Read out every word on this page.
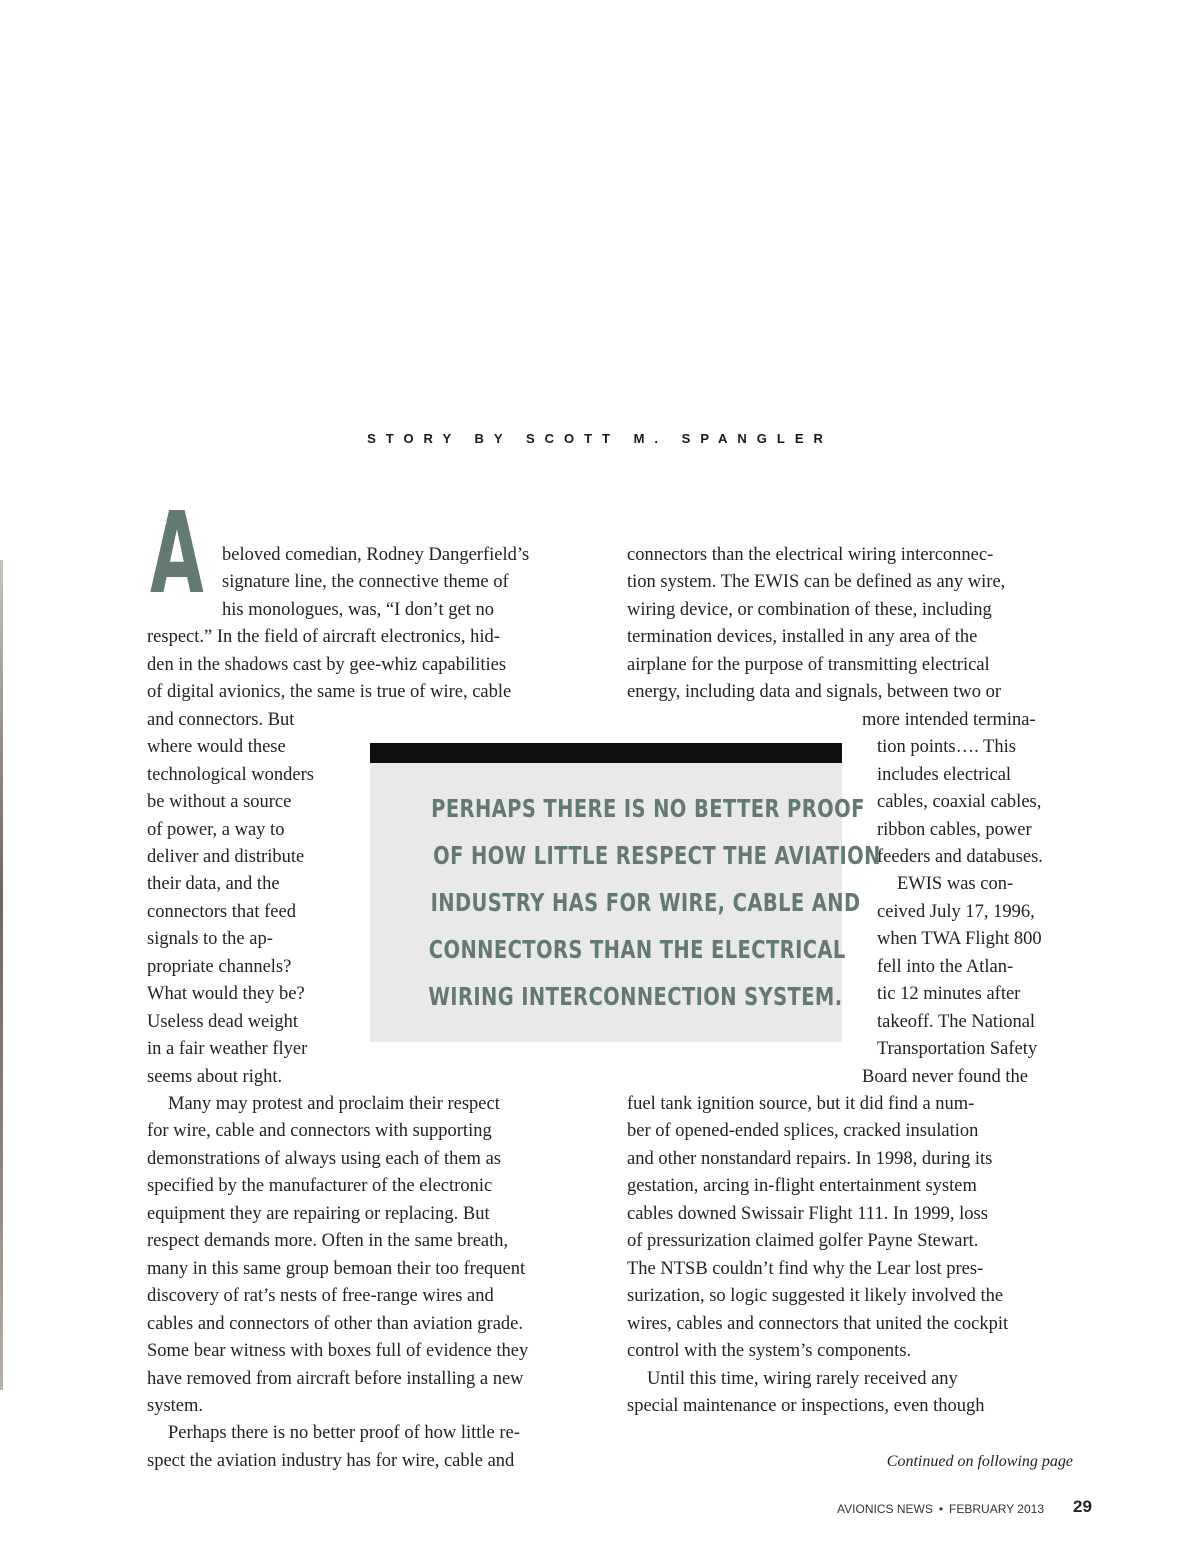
STORY BY SCOTT M. SPANGLER
A beloved comedian, Rodney Dangerfield’s
signature line, the connective theme of
his monologues, was, “I don’t get no
respect.” In the field of aircraft electronics, hid-
den in the shadows cast by gee-whiz capabilities
of digital avionics, the same is true of wire, cable
and connectors. But
where would these
technological wonders
be without a source
of power, a way to
deliver and distribute
their data, and the
connectors that feed
signals to the ap-
propriate channels?
What would they be?
Useless dead weight
in a fair weather flyer
seems about right.
Many may protest and proclaim their respect
for wire, cable and connectors with supporting
demonstrations of always using each of them as
specified by the manufacturer of the electronic
equipment they are repairing or replacing. But
respect demands more. Often in the same breath,
many in this same group bemoan their too frequent
discovery of rat’s nests of free-range wires and
cables and connectors of other than aviation grade.
Some bear witness with boxes full of evidence they
have removed from aircraft before installing a new
system.
Perhaps there is no better proof of how little re-
spect the aviation industry has for wire, cable and
connectors than the electrical wiring interconnec-
tion system. The EWIS can be defined as any wire,
wiring device, or combination of these, including
termination devices, installed in any area of the
airplane for the purpose of transmitting electrical
energy, including data and signals, between two or
more intended termina-
tion points…. This
includes electrical
cables, coaxial cables,
ribbon cables, power
feeders and databuses.
EWIS was con-
ceived July 17, 1996,
when TWA Flight 800
fell into the Atlan-
tic 12 minutes after
takeoff. The National
Transportation Safety
Board never found the
fuel tank ignition source, but it did find a num-
ber of opened-ended splices, cracked insulation
and other nonstandard repairs. In 1998, during its
gestation, arcing in-flight entertainment system
cables downed Swissair Flight 111. In 1999, loss
of pressurization claimed golfer Payne Stewart.
The NTSB couldn’t find why the Lear lost pres-
surization, so logic suggested it likely involved the
wires, cables and connectors that united the cockpit
control with the system’s components.
Until this time, wiring rarely received any
special maintenance or inspections, even though
PERHAPS THERE IS NO BETTER PROOF
OF HOW LITTLE RESPECT THE AVIATION
INDUSTRY HAS FOR WIRE, CABLE AND
CONNECTORS THAN THE ELECTRICAL
WIRING INTERCONNECTION SYSTEM.
Continued on following page
AVIONICS NEWS • FEBRUARY 2013 29
